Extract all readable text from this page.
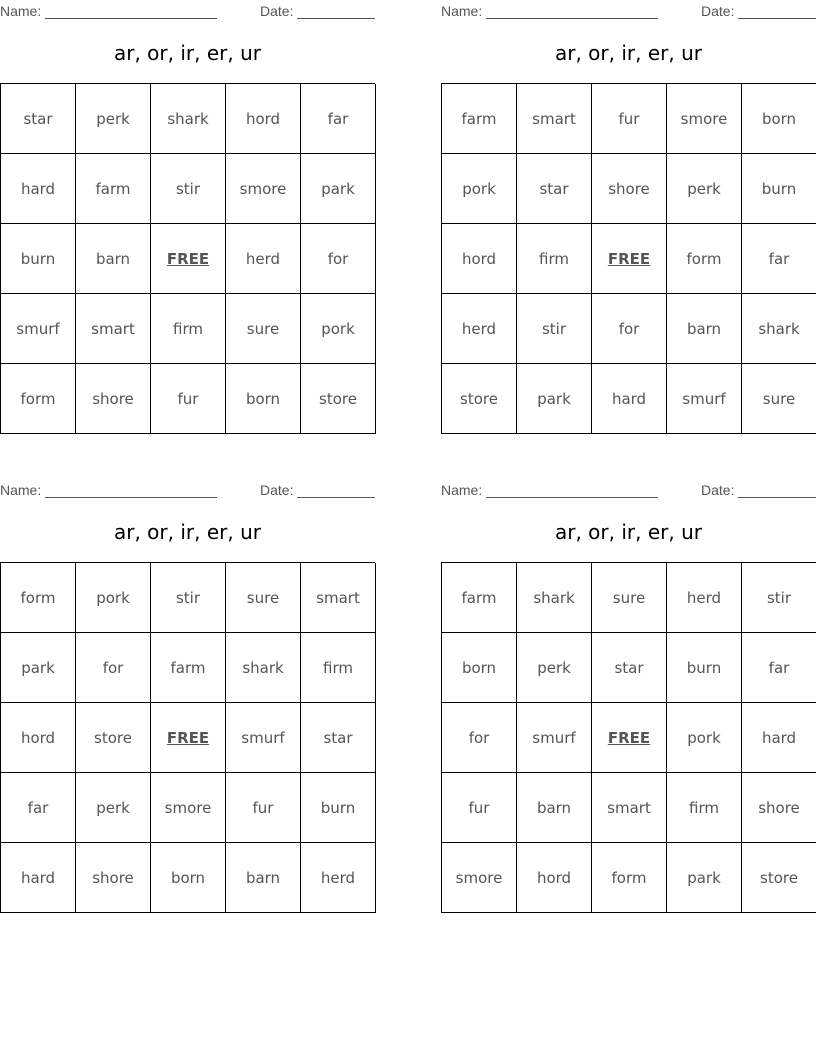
Name:	Date:
ar, or, ir, er, ur
star	perk	shark	hord	far
hard	farm	stir	smore	park
burn	barn	FREE	herd	for
smurf	smart	firm	sure	pork
form	shore	fur	born	store
Name:	Date:
ar, or, ir, er, ur
farm	smart	fur	smore	born
pork	star	shore	perk	burn
hord	firm	FREE	form	far
herd	stir	for	barn	shark
store	park	hard	smurf	sure
Name:	Date:
ar, or, ir, er, ur
form	pork	stir	sure	smart
park	for	farm	shark	firm
hord	store	FREE	smurf	star
far	perk	smore	fur	burn
hard	shore	born	barn	herd
Name:	Date:
ar, or, ir, er, ur
farm	shark	sure	herd	stir
born	perk	star	burn	far
for	smurf	FREE	pork	hard
fur	barn	smart	firm	shore
smore	hord	form	park	store
